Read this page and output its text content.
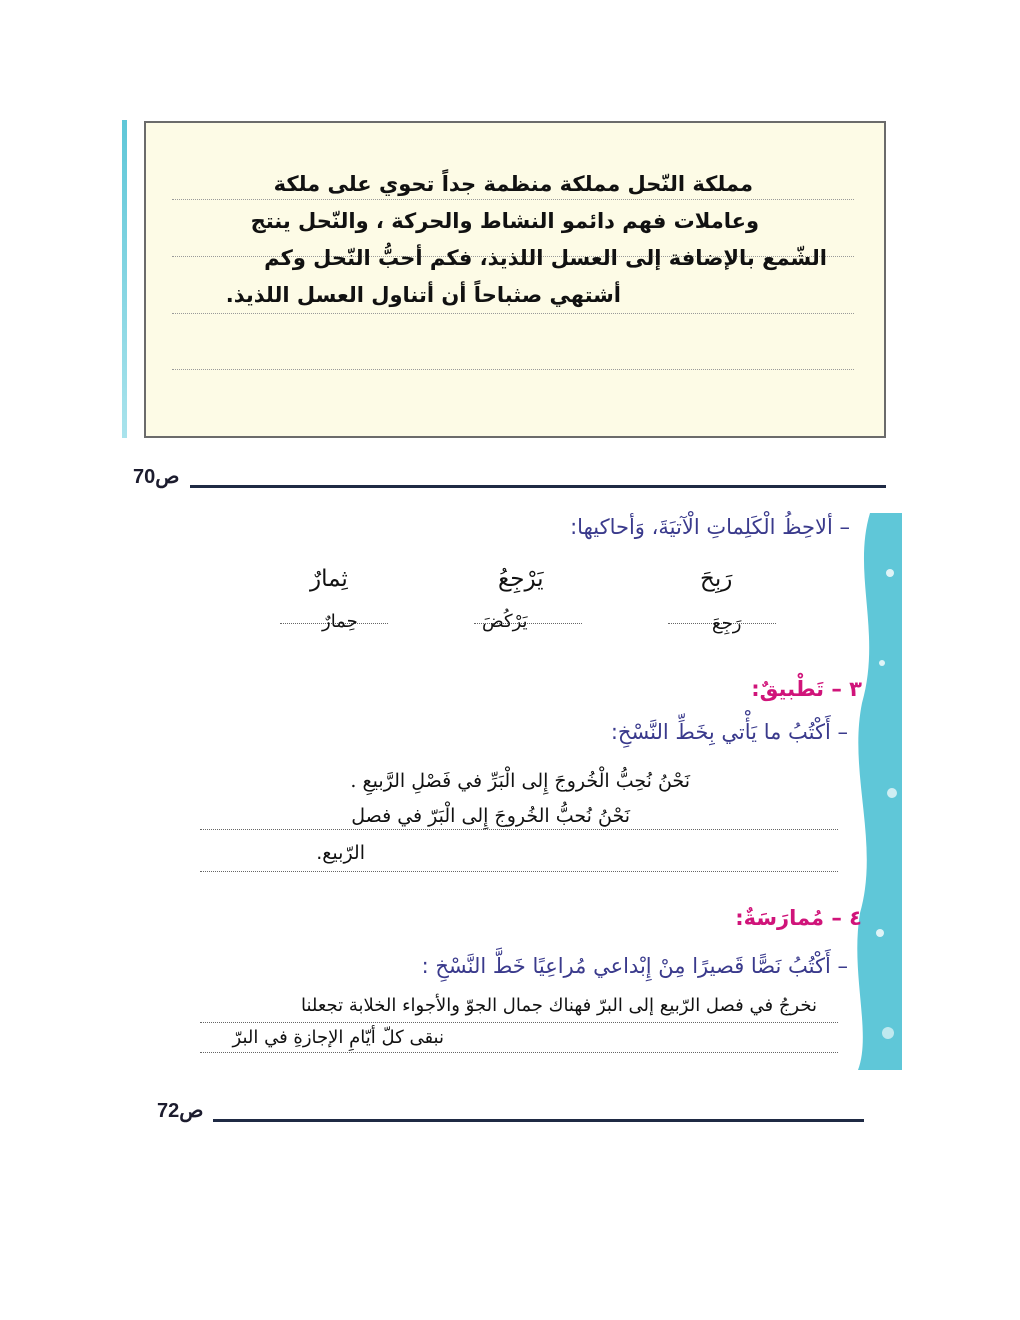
مملكة النّحل مملكة منظمة جداً تحوي على ملكة
وعاملات فهم دائمو النشاط والحركة ، والنّحل ينتج
الشّمع بالإضافة إلى العسل اللذيذ، فكم أحبُّ النّحل وكم
أشتهي صثباحاً أن أتناول العسل اللذيذ.
ص70
– ألاحِظُ الْكَلِماتِ الْآتيَةَ، وَأحاكيها:
رَبِحَ
يَرْجِعُ
ثِمارٌ
رَجِعَ
يَرْكُضَ
حِمارٌ
٣ – تَطْبيقٌ:
– أَكْتُبُ ما يَأْتي بِخَطِّ النَّسْخِ:
نَحْنُ نُحِبُّ الْخُروجَ إِلى الْبَرِّ في فَصْلِ الرَّبيعِ .
نَحْنُ نُحبُّ الخُروجَ إِلى الْبَرّ في فصل
الرّبيع.
٤ – مُمارَسَةٌ:
– أَكْتُبُ نَصًّا قَصيرًا مِنْ إِبْداعي مُراعِيًا خَطَّ النَّسْخِ :
نخرجُ في فصل الرّبيع إلى البرّ فهناك جمال الجوّ والأجواء الخلابة تجعلنا
نبقى كلّ أيّامِ الإجازةِ في البرّ
ص72
